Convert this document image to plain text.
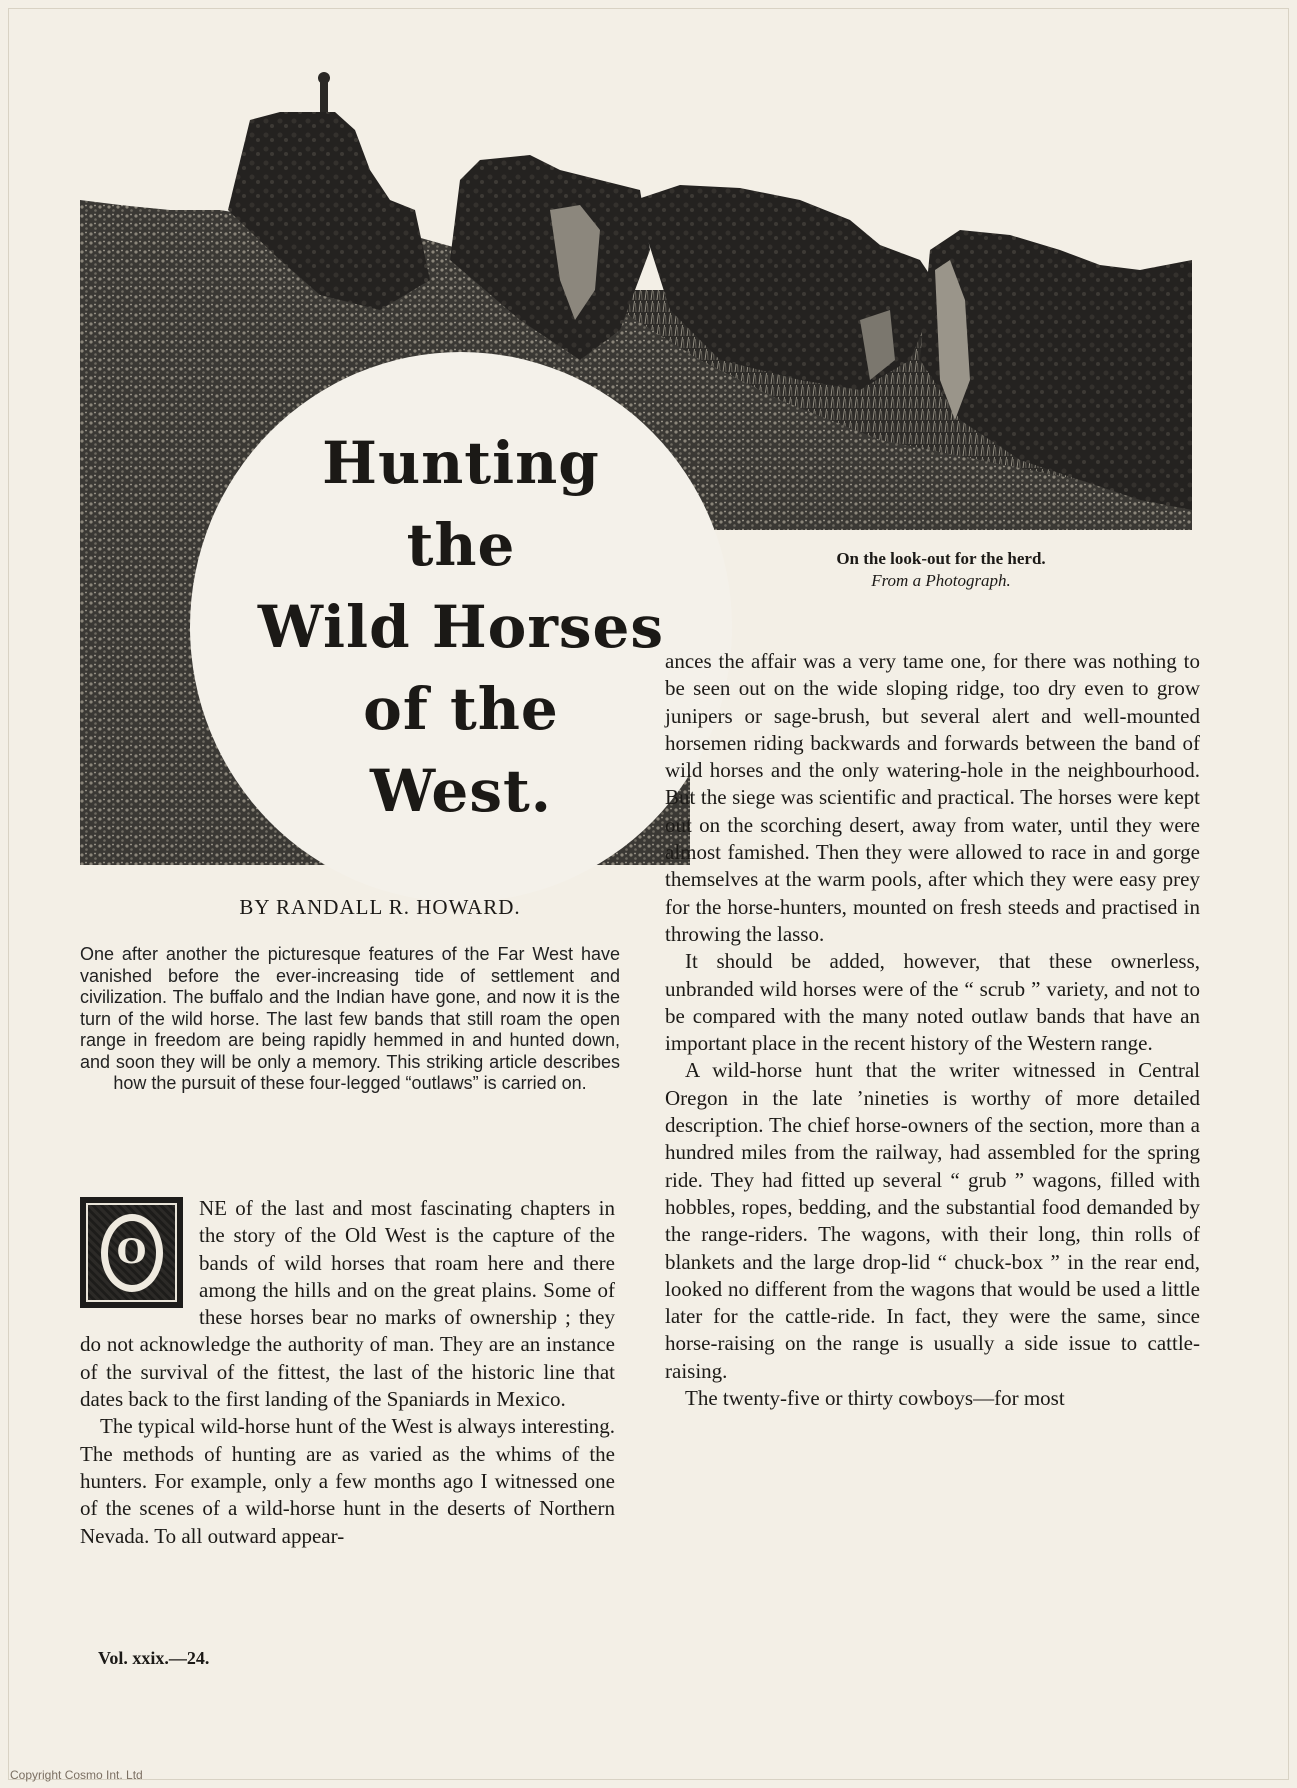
Hunting
the
Wild Horses
of the
West.
On the look-out for the herd.
From a Photograph.
BY RANDALL R. HOWARD.
One after another the picturesque features of the Far West have vanished before the ever-increasing tide of settlement and civilization. The buffalo and the Indian have gone, and now it is the turn of the wild horse. The last few bands that still roam the open range in freedom are being rapidly hemmed in and hunted down, and soon they will be only a memory. This striking article describes how the pursuit of these four-legged “outlaws” is carried on.

O
NE of the last and most fascinating chapters in the story of the Old West is the capture of the bands of wild horses that roam here and there among the hills and on the great plains. Some of these horses bear no marks of ownership ; they do not acknowledge the authority of man. They are an instance of the survival of the fittest, the last of the historic line that dates back to the first landing of the Spaniards in Mexico.

The typical wild-horse hunt of the West is always interesting. The methods of hunting are as varied as the whims of the hunters. For example, only a few months ago I witnessed one of the scenes of a wild-horse hunt in the deserts of Northern Nevada. To all outward appear-

ances the affair was a very tame one, for there was nothing to be seen out on the wide sloping ridge, too dry even to grow junipers or sage-brush, but several alert and well-mounted horsemen riding backwards and forwards between the band of wild horses and the only watering-hole in the neighbourhood. But the siege was scientific and practical. The horses were kept out on the scorching desert, away from water, until they were almost famished. Then they were allowed to race in and gorge themselves at the warm pools, after which they were easy prey for the horse-hunters, mounted on fresh steeds and practised in throwing the lasso.

It should be added, however, that these ownerless, unbranded wild horses were of the “ scrub ” variety, and not to be compared with the many noted outlaw bands that have an important place in the recent history of the Western range.

A wild-horse hunt that the writer witnessed in Central Oregon in the late ’nineties is worthy of more detailed description. The chief horse-owners of the section, more than a hundred miles from the railway, had assembled for the spring ride. They had fitted up several “ grub ” wagons, filled with hobbles, ropes, bedding, and the substantial food demanded by the range-riders. The wagons, with their long, thin rolls of blankets and the large drop-lid “ chuck-box ” in the rear end, looked no different from the wagons that would be used a little later for the cattle-ride. In fact, they were the same, since horse-raising on the range is usually a side issue to cattle-raising.

The twenty-five or thirty cowboys—for most

Vol. xxix.—24.
Copyright Cosmo Int. Ltd
